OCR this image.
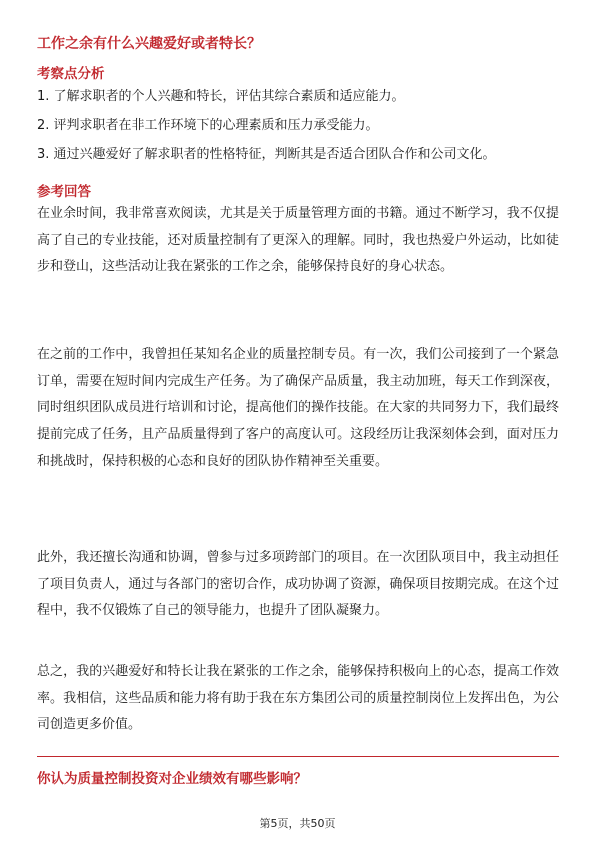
工作之余有什么兴趣爱好或者特长？
考察点分析
1. 了解求职者的个人兴趣和特长，评估其综合素质和适应能力。
2. 评判求职者在非工作环境下的心理素质和压力承受能力。
3. 通过兴趣爱好了解求职者的性格特征，判断其是否适合团队合作和公司文化。
参考回答
在业余时间，我非常喜欢阅读，尤其是关于质量管理方面的书籍。通过不断学习，我不仅提高了自己的专业技能，还对质量控制有了更深入的理解。同时，我也热爱户外运动，比如徒步和登山，这些活动让我在紧张的工作之余，能够保持良好的身心状态。
在之前的工作中，我曾担任某知名企业的质量控制专员。有一次，我们公司接到了一个紧急订单，需要在短时间内完成生产任务。为了确保产品质量，我主动加班，每天工作到深夜，同时组织团队成员进行培训和讨论，提高他们的操作技能。在大家的共同努力下，我们最终提前完成了任务，且产品质量得到了客户的高度认可。这段经历让我深刻体会到，面对压力和挑战时，保持积极的心态和良好的团队协作精神至关重要。
此外，我还擅长沟通和协调，曾参与过多项跨部门的项目。在一次团队项目中，我主动担任了项目负责人，通过与各部门的密切合作，成功协调了资源，确保项目按期完成。在这个过程中，我不仅锻炼了自己的领导能力，也提升了团队凝聚力。
总之，我的兴趣爱好和特长让我在紧张的工作之余，能够保持积极向上的心态，提高工作效率。我相信，这些品质和能力将有助于我在东方集团公司的质量控制岗位上发挥出色，为公司创造更多价值。
你认为质量控制投资对企业绩效有哪些影响？
第5页，共50页
